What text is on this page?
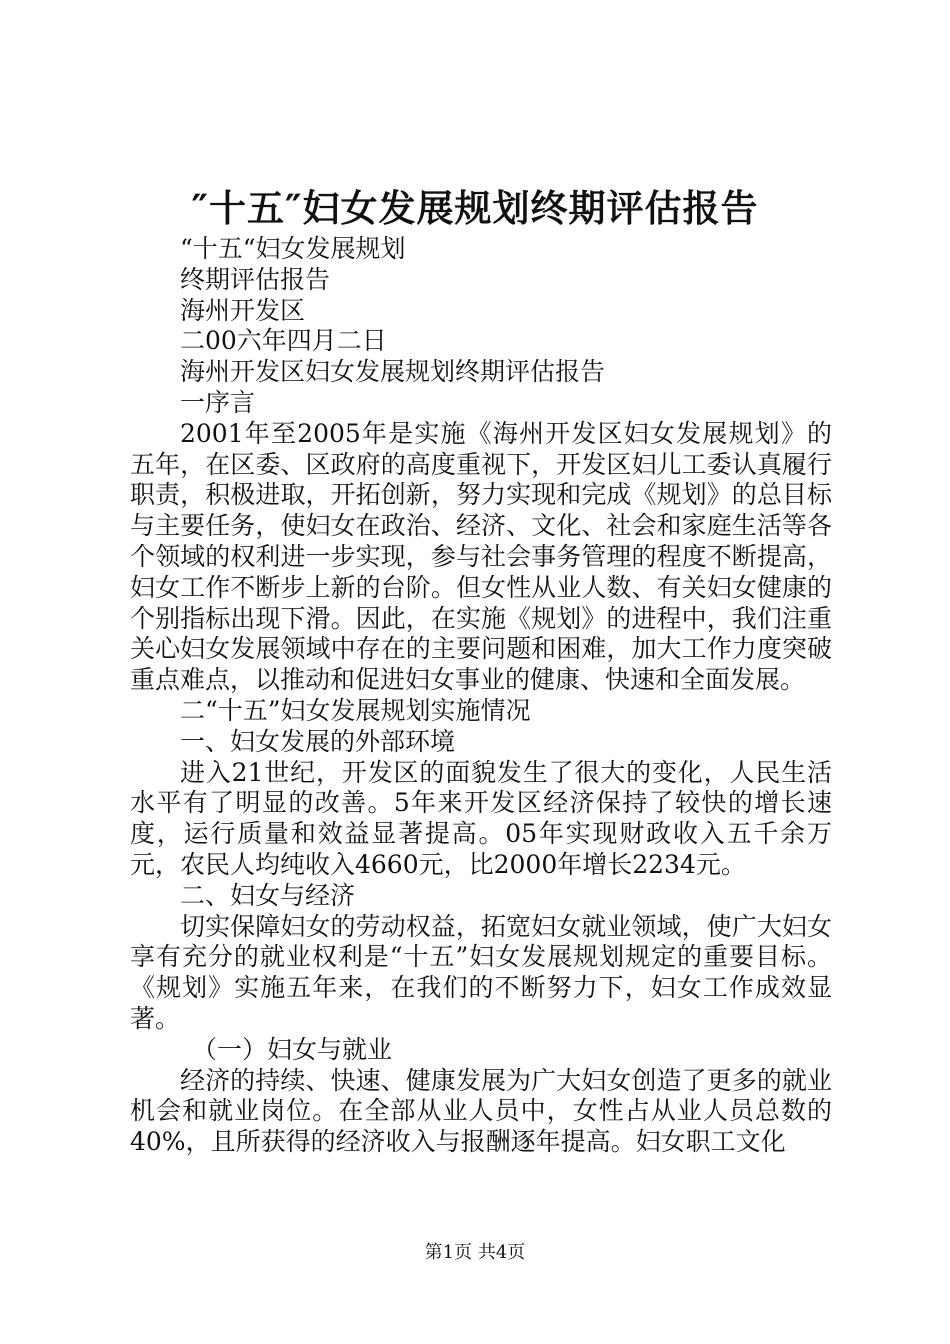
″十五″妇女发展规划终期评估报告

“十五“妇女发展规划

终期评估报告

海州开发区

二00六年四月二日

海州开发区妇女发展规划终期评估报告

一序言

2001年至2005年是实施《海州开发区妇女发展规划》的五年，在区委、区政府的高度重视下，开发区妇儿工委认真履行职责，积极进取，开拓创新，努力实现和完成《规划》的总目标与主要任务，使妇女在政治、经济、文化、社会和家庭生活等各个领域的权利进一步实现，参与社会事务管理的程度不断提高，妇女工作不断步上新的台阶。但女性从业人数、有关妇女健康的个别指标出现下滑。因此，在实施《规划》的进程中，我们注重关心妇女发展领域中存在的主要问题和困难，加大工作力度突破重点难点，以推动和促进妇女事业的健康、快速和全面发展。

二“十五”妇女发展规划实施情况

一、妇女发展的外部环境

进入21世纪，开发区的面貌发生了很大的变化，人民生活水平有了明显的改善。5年来开发区经济保持了较快的增长速度，运行质量和效益显著提高。05年实现财政收入五千余万元，农民人均纯收入4660元，比2000年增长2234元。

二、妇女与经济

切实保障妇女的劳动权益，拓宽妇女就业领域，使广大妇女享有充分的就业权利是“十五”妇女发展规划规定的重要目标。《规划》实施五年来，在我们的不断努力下，妇女工作成效显著。

（一）妇女与就业

经济的持续、快速、健康发展为广大妇女创造了更多的就业机会和就业岗位。在全部从业人员中，女性占从业人员总数的40%，且所获得的经济收入与报酬逐年提高。妇女职工文化

第1页 共4页
